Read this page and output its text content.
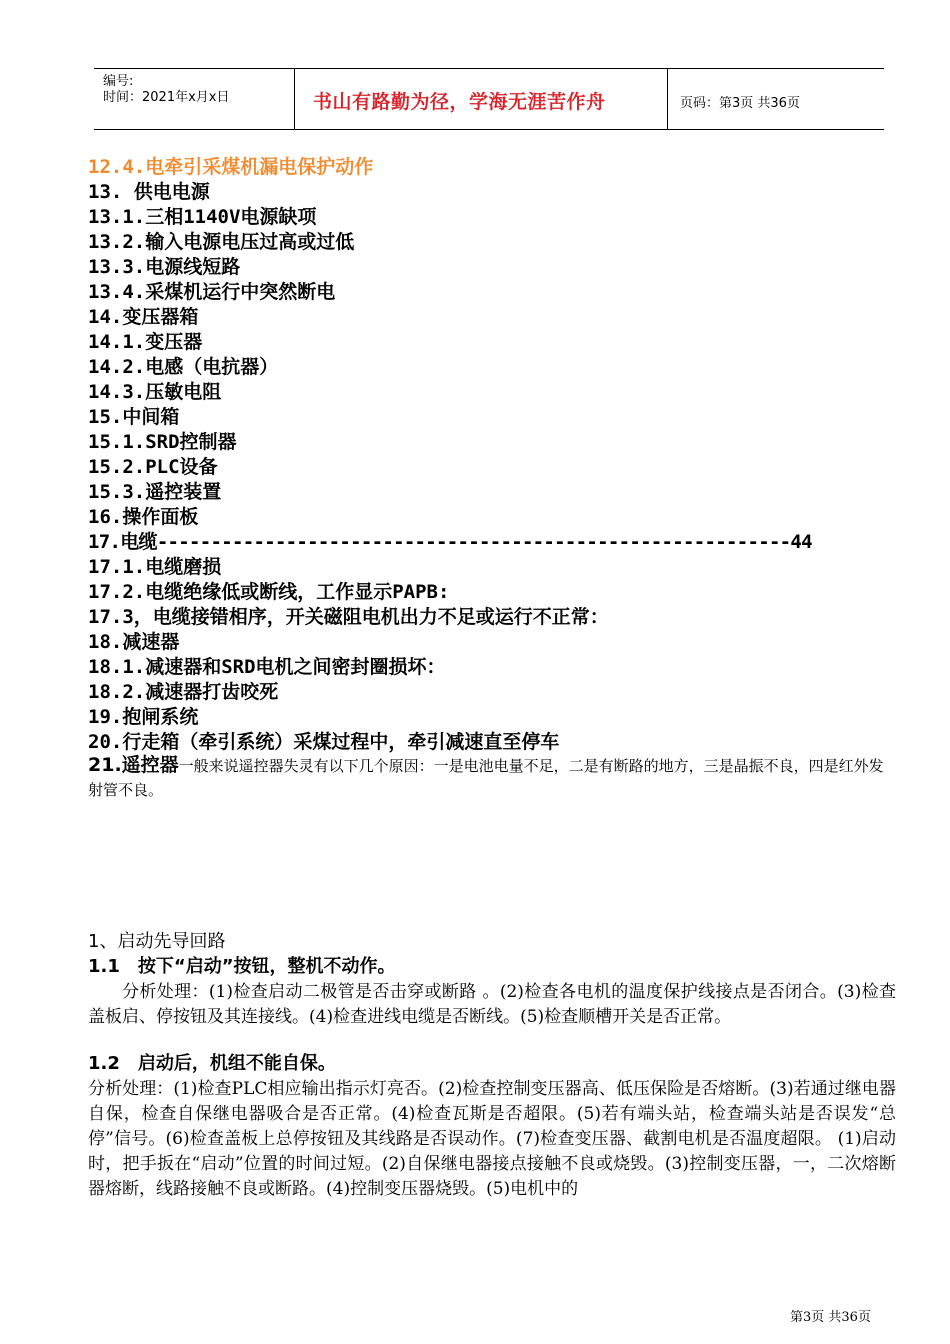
编号:
时间：2021年x月x日	书山有路勤为径，学海无涯苦作舟	页码：第3页 共36页
12.4.电牵引采煤机漏电保护动作
13. 供电电源
13.1.三相1140V电源缺项
13.2.输入电源电压过高或过低
13.3.电源线短路
13.4.采煤机运行中突然断电
14.变压器箱
14.1.变压器
14.2.电感（电抗器）
14.3.压敏电阻
15.中间箱
15.1.SRD控制器
15.2.PLC设备
15.3.遥控装置
16.操作面板
17.电缆-----------------------------------------------------------44
17.1.电缆磨损
17.2.电缆绝缘低或断线，工作显示PAPB:
17.3，电缆接错相序，开关磁阻电机出力不足或运行不正常：
18.减速器
18.1.减速器和SRD电机之间密封圈损坏：
18.2.减速器打齿咬死
19.抱闸系统
20.行走箱（牵引系统）采煤过程中，牵引减速直至停车
21.遥控器一般来说遥控器失灵有以下几个原因：一是电池电量不足，二是有断路的地方，三是晶振不良，四是红外发射管不良。
1、启动先导回路
1.1　按下“启动”按钮，整机不动作。
分析处理：(1)检查启动二极管是否击穿或断路 。(2)检查各电机的温度保护线接点是否闭合。(3)检查盖板启、停按钮及其连接线。(4)检查进线电缆是否断线。(5)检查顺槽开关是否正常。
1.2　启动后，机组不能自保。
分析处理：(1)检查PLC相应输出指示灯亮否。(2)检查控制变压器高、低压保险是否熔断。(3)若通过继电器自保，检查自保继电器吸合是否正常。(4)检查瓦斯是否超限。(5)若有端头站，检查端头站是否误发“总停”信号。(6)检查盖板上总停按钮及其线路是否误动作。(7)检查变压器、截割电机是否温度超限。 (1)启动时，把手扳在“启动”位置的时间过短。(2)自保继电器接点接触不良或烧毁。(3)控制变压器，一，二次熔断器熔断，线路接触不良或断路。(4)控制变压器烧毁。(5)电机中的
第3页 共36页
